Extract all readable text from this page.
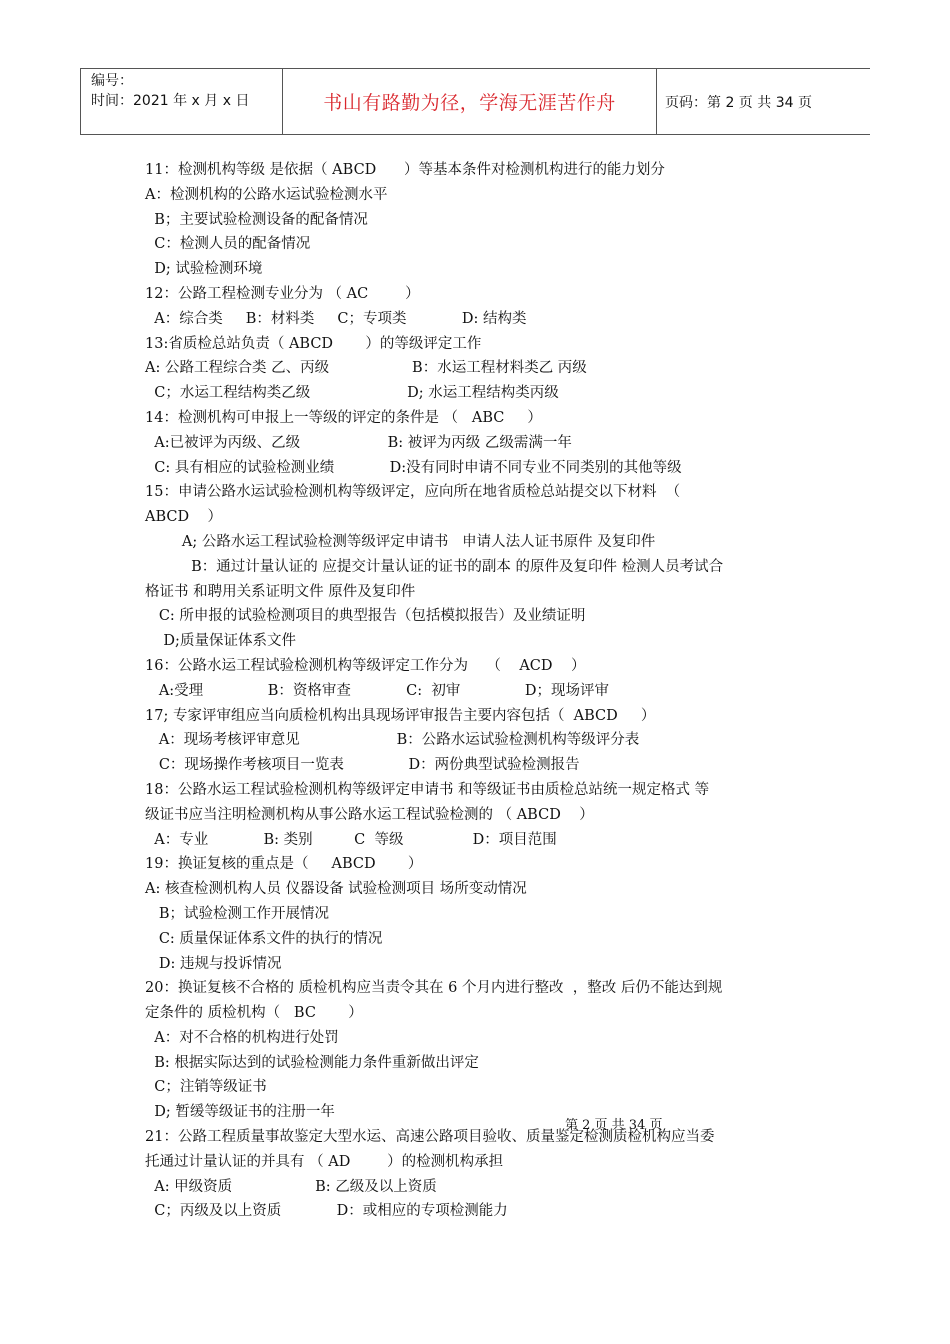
编号：
时间：2021 年 x 月 x 日	书山有路勤为径，学海无涯苦作舟	页码：第 2 页 共 34 页
11：检测机构等级 是依据（ ABCD      ）等基本条件对检测机构进行的能力划分
A：检测机构的公路水运试验检测水平
B；主要试验检测设备的配备情况
C：检测人员的配备情况
D; 试验检测环境
12：公路工程检测专业分为 （ AC        ）
A：综合类     B：材料类     C；专项类            D: 结构类
13:省质检总站负责（ ABCD       ）的等级评定工作
A: 公路工程综合类 乙、丙级                  B：水运工程材料类乙 丙级
C；水运工程结构类乙级                     D; 水运工程结构类丙级
14：检测机构可申报上一等级的评定的条件是 （   ABC     ）
A:已被评为丙级、乙级                   B: 被评为丙级 乙级需满一年
C: 具有相应的试验检测业绩            D:没有同时申请不同专业不同类别的其他等级
15：申请公路水运试验检测机构等级评定，应向所在地省质检总站提交以下材料  （
ABCD    ）
A; 公路水运工程试验检测等级评定申请书   申请人法人证书原件 及复印件
B：通过计量认证的 应提交计量认证的证书的副本 的原件及复印件 检测人员考试合
格证书 和聘用关系证明文件 原件及复印件
C: 所申报的试验检测项目的典型报告（包括模拟报告）及业绩证明
D;质量保证体系文件
16：公路水运工程试验检测机构等级评定工作分为    （    ACD    ）
A:受理              B：资格审查            C:  初审              D；现场评审
17; 专家评审组应当向质检机构出具现场评审报告主要内容包括（  ABCD     ）
A：现场考核评审意见                     B：公路水运试验检测机构等级评分表
C：现场操作考核项目一览表              D：两份典型试验检测报告
18：公路水运工程试验检测机构等级评定申请书 和等级证书由质检总站统一规定格式 等
级证书应当注明检测机构从事公路水运工程试验检测的 （ ABCD    ）
A：专业            B: 类别         C  等级               D：项目范围
19：换证复核的重点是（     ABCD       ）
A: 核查检测机构人员 仪器设备 试验检测项目 场所变动情况
B；试验检测工作开展情况
C: 质量保证体系文件的执行的情况
D: 违规与投诉情况
20：换证复核不合格的 质检机构应当责令其在 6 个月内进行整改  ，整改 后仍不能达到规
定条件的 质检机构（   BC       ）
A：对不合格的机构进行处罚
B: 根据实际达到的试验检测能力条件重新做出评定
C；注销等级证书
D; 暂缓等级证书的注册一年
21：公路工程质量事故鉴定大型水运、高速公路项目验收、质量鉴定检测质检机构应当委
托通过计量认证的并具有 （ AD        ）的检测机构承担
A: 甲级资质                  B: 乙级及以上资质
C；丙级及以上资质            D：或相应的专项检测能力
第 2 页 共 34 页
